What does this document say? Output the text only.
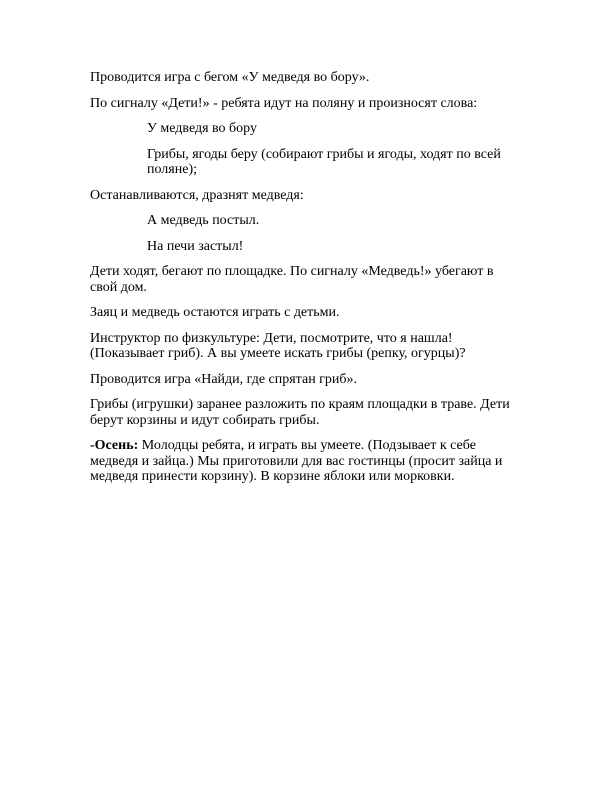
Проводится игра с бегом «У медведя во бору».

По сигналу «Дети!» - ребята идут на поляну и произносят слова:

У медведя во бору

Грибы, ягоды беру (собирают грибы и ягоды, ходят по всей поляне);

Останавливаются, дразнят медведя:

А медведь постыл.

На печи застыл!

Дети ходят, бегают по площадке. По сигналу «Медведь!» убегают в свой дом.

Заяц и медведь остаются играть с детьми.

Инструктор по физкультуре: Дети, посмотрите, что я нашла! (Показывает гриб). А вы умеете искать грибы (репку, огурцы)?

Проводится игра «Найди, где спрятан гриб».

Грибы (игрушки) заранее разложить по краям площадки в траве. Дети берут корзины и идут собирать грибы.

-Осень: Молодцы ребята, и играть вы умеете. (Подзывает к себе медведя и зайца.) Мы приготовили для вас гостинцы (просит зайца и медведя принести корзину). В корзине яблоки или морковки.
